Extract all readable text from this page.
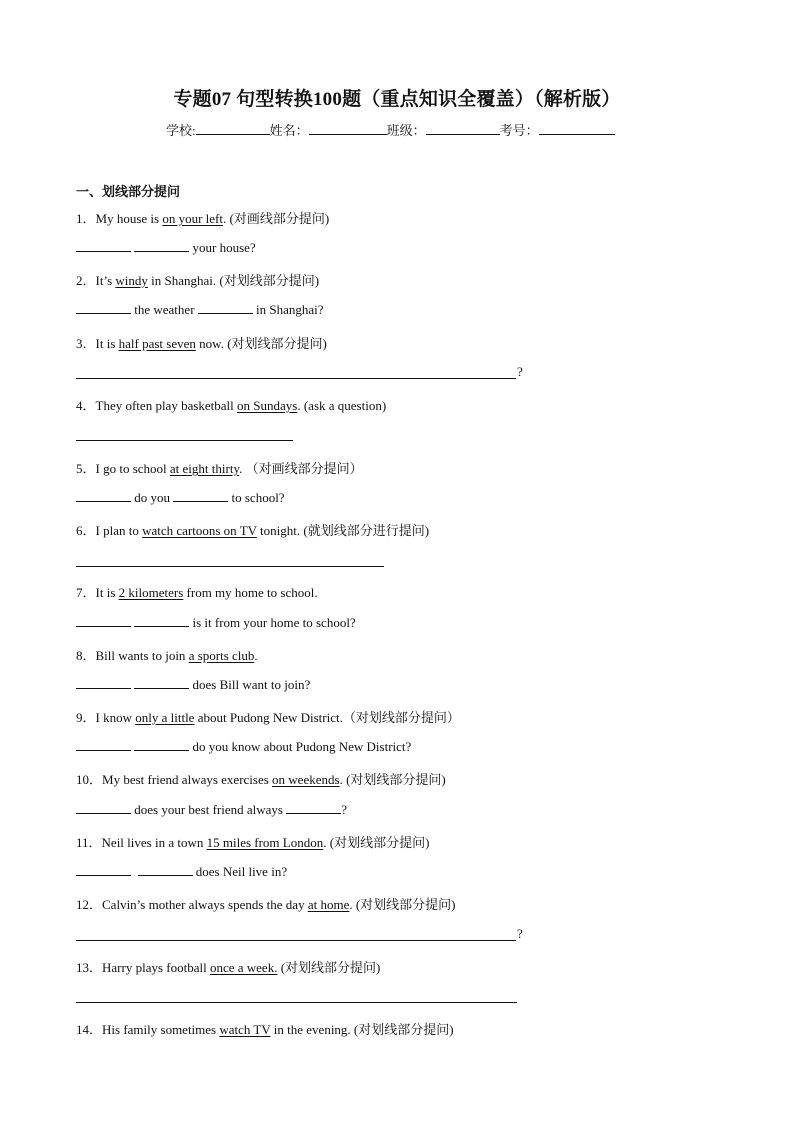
专题07 句型转换100题（重点知识全覆盖）（解析版）
学校:	姓名：	班级：	考号：
一、划线部分提问
1．My house is on your left. (对画线部分提问)
your house?
2．It’s windy in Shanghai. (对划线部分提问)
the weather	in Shanghai?
3．It is half past seven now. (对划线部分提问)
?
4．They often play basketball on Sundays. (ask a question)
5．I go to school at eight thirty. （对画线部分提问）
do you	to school?
6．I plan to watch cartoons on TV tonight. (就划线部分进行提问)
7．It is 2 kilometers from my home to school.
is it from your home to school?
8．Bill wants to join a sports club.
does Bill want to join?
9．I know only a little about Pudong New District.（对划线部分提问）
do you know about Pudong New District?
10．My best friend always exercises on weekends. (对划线部分提问)
does your best friend always	?
11．Neil lives in a town 15 miles from London. (对划线部分提问)
does Neil live in?
12．Calvin’s mother always spends the day at home. (对划线部分提问)
?
13．Harry plays football once a week. (对划线部分提问)
14．His family sometimes watch TV in the evening. (对划线部分提问)
